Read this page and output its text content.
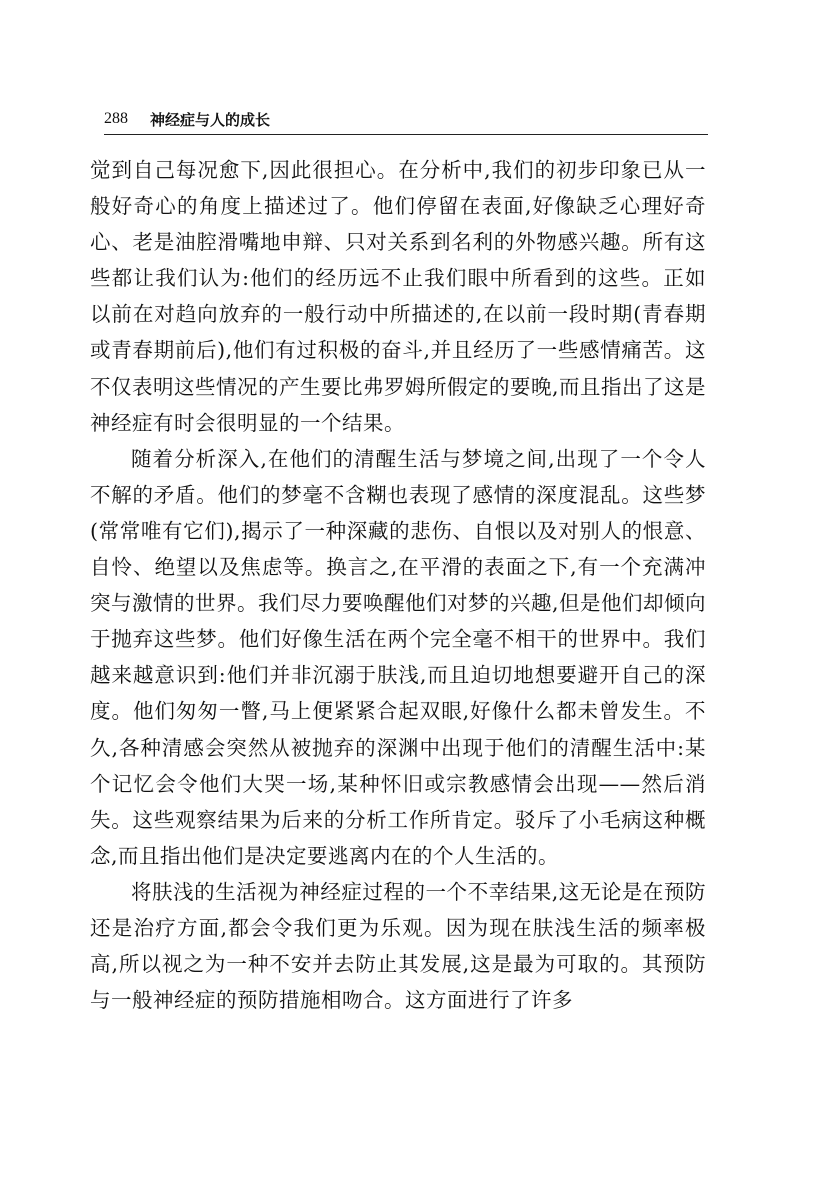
288 神经症与人的成长

觉到自己每况愈下,因此很担心。在分析中,我们的初步印象已从一般好奇心的角度上描述过了。他们停留在表面,好像缺乏心理好奇心、老是油腔滑嘴地申辩、只对关系到名利的外物感兴趣。所有这些都让我们认为:他们的经历远不止我们眼中所看到的这些。正如以前在对趋向放弃的一般行动中所描述的,在以前一段时期(青春期或青春期前后),他们有过积极的奋斗,并且经历了一些感情痛苦。这不仅表明这些情况的产生要比弗罗姆所假定的要晚,而且指出了这是神经症有时会很明显的一个结果。

随着分析深入,在他们的清醒生活与梦境之间,出现了一个令人不解的矛盾。他们的梦毫不含糊也表现了感情的深度混乱。这些梦(常常唯有它们),揭示了一种深藏的悲伤、自恨以及对别人的恨意、自怜、绝望以及焦虑等。换言之,在平滑的表面之下,有一个充满冲突与激情的世界。我们尽力要唤醒他们对梦的兴趣,但是他们却倾向于抛弃这些梦。他们好像生活在两个完全毫不相干的世界中。我们越来越意识到:他们并非沉溺于肤浅,而且迫切地想要避开自己的深度。他们匆匆一瞥,马上便紧紧合起双眼,好像什么都未曾发生。不久,各种清感会突然从被抛弃的深渊中出现于他们的清醒生活中:某个记忆会令他们大哭一场,某种怀旧或宗教感情会出现——然后消失。这些观察结果为后来的分析工作所肯定。驳斥了小毛病这种概念,而且指出他们是决定要逃离内在的个人生活的。

将肤浅的生活视为神经症过程的一个不幸结果,这无论是在预防还是治疗方面,都会令我们更为乐观。因为现在肤浅生活的频率极高,所以视之为一种不安并去防止其发展,这是最为可取的。其预防与一般神经症的预防措施相吻合。这方面进行了许多
